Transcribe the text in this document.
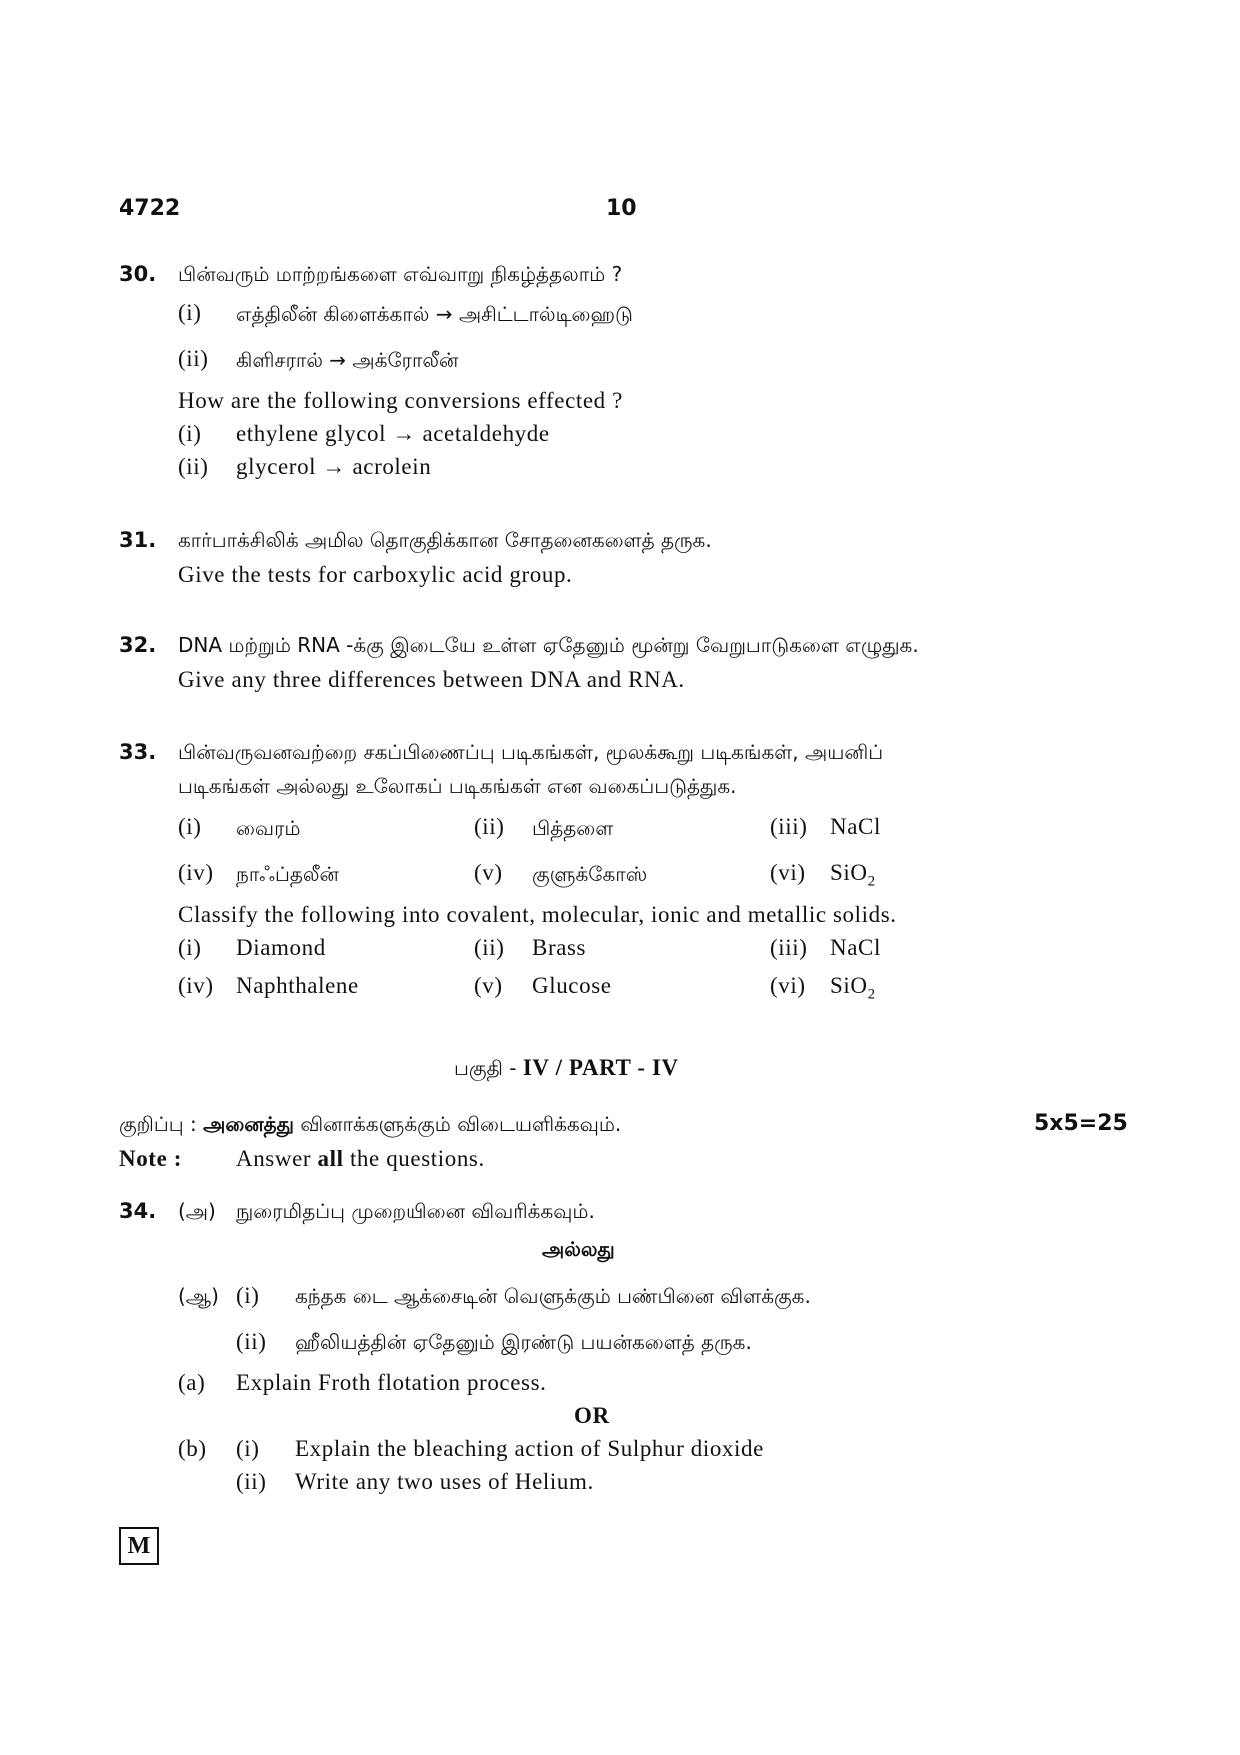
4722	10
30. பின்வரும் மாற்றங்களை எவ்வாறு நிகழ்த்தலாம் ?
(i) எத்திலீன் கிளைக்கால் → அசிட்டால்டிஹைடு
(ii) கிளிசரால் → அக்ரோலீன்
How are the following conversions effected ?
(i) ethylene glycol → acetaldehyde
(ii) glycerol → acrolein
31. கார்பாக்சிலிக் அமில தொகுதிக்கான சோதனைகளைத் தருக.
Give the tests for carboxylic acid group.
32. DNA மற்றும் RNA -க்கு இடையே உள்ள ஏதேனும் மூன்று வேறுபாடுகளை எழுதுக.
Give any three differences between DNA and RNA.
33. பின்வருவனவற்றை சகப்பிணைப்பு படிகங்கள், மூலக்கூறு படிகங்கள், அயனிப்
படிகங்கள் அல்லது உலோகப் படிகங்கள் என வகைப்படுத்துக.
(i) வைரம்	(ii) பித்தளை	(iii) NaCl
(iv) நாஃப்தலீன்	(v) குளுக்கோஸ்	(vi) SiO$_2$
Classify the following into covalent, molecular, ionic and metallic solids.
(i) Diamond	(ii) Brass	(iii) NaCl
(iv) Naphthalene	(v) Glucose	(vi) SiO$_2$
பகுதி - IV / PART - IV
குறிப்பு : அனைத்து வினாக்களுக்கும் விடையளிக்கவும்.	5x5=25
Note : Answer all the questions.
34. (அ) நுரைமிதப்பு முறையினை விவரிக்கவும்.
அல்லது
(ஆ) (i) கந்தக டை ஆக்சைடின் வெளுக்கும் பண்பினை விளக்குக.
(ii) ஹீலியத்தின் ஏதேனும் இரண்டு பயன்களைத் தருக.
(a) Explain Froth flotation process.
OR
(b) (i) Explain the bleaching action of Sulphur dioxide
(ii) Write any two uses of Helium.
M
